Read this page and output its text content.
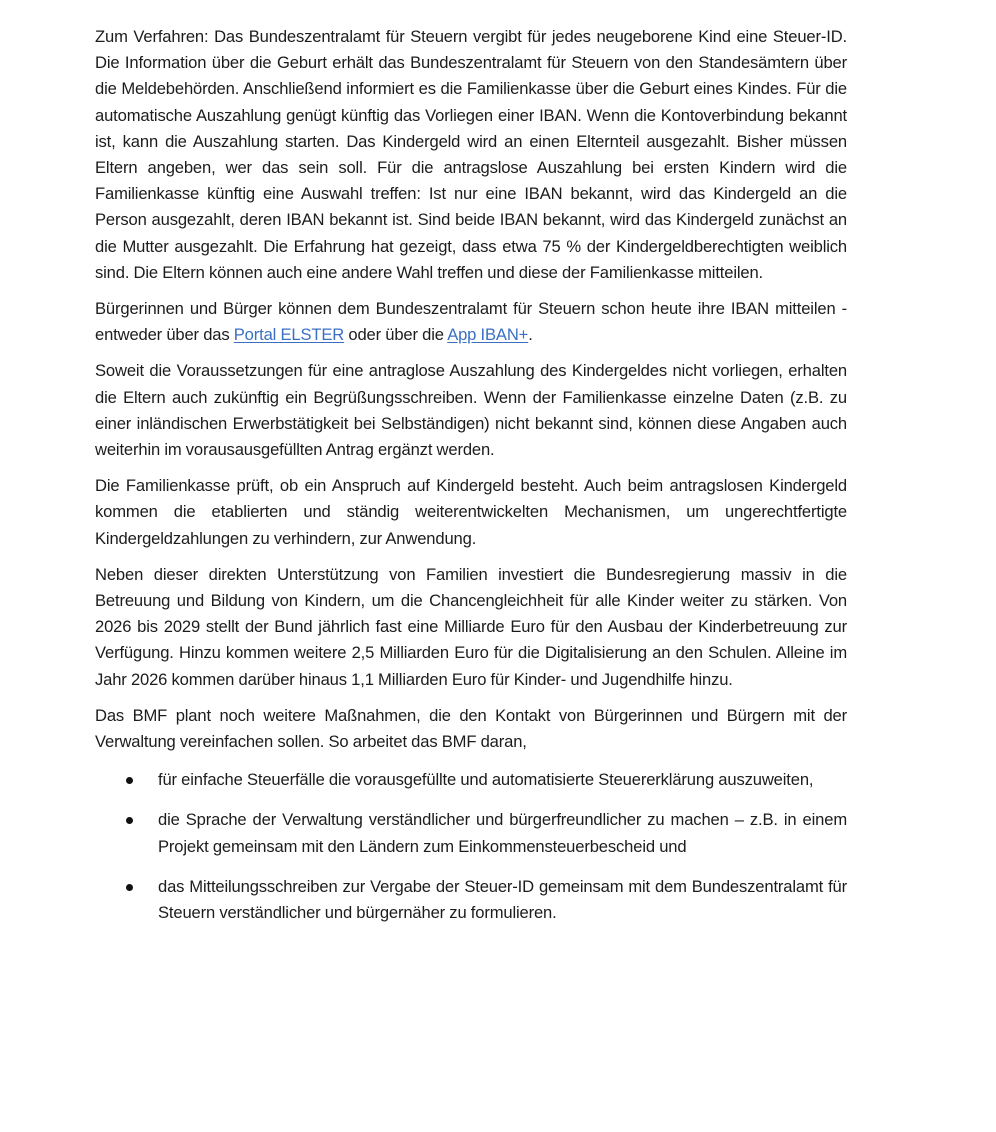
Zum Verfahren: Das Bundeszentralamt für Steuern vergibt für jedes neugeborene Kind eine Steuer-ID. Die Information über die Geburt erhält das Bundeszentralamt für Steuern von den Standesämtern über die Meldebehörden. Anschließend informiert es die Familienkasse über die Geburt eines Kindes. Für die automatische Auszahlung genügt künftig das Vorliegen einer IBAN. Wenn die Kontoverbindung bekannt ist, kann die Auszahlung starten. Das Kindergeld wird an einen Elternteil ausgezahlt. Bisher müssen Eltern angeben, wer das sein soll. Für die antragslose Auszahlung bei ersten Kindern wird die Familienkasse künftig eine Auswahl treffen: Ist nur eine IBAN bekannt, wird das Kindergeld an die Person ausgezahlt, deren IBAN bekannt ist. Sind beide IBAN bekannt, wird das Kindergeld zunächst an die Mutter ausgezahlt. Die Erfahrung hat gezeigt, dass etwa 75 % der Kindergeldberechtigten weiblich sind. Die Eltern können auch eine andere Wahl treffen und diese der Familienkasse mitteilen.

Bürgerinnen und Bürger können dem Bundeszentralamt für Steuern schon heute ihre IBAN mitteilen - entweder über das Portal ELSTER oder über die App IBAN+.

Soweit die Voraussetzungen für eine antraglose Auszahlung des Kindergeldes nicht vorliegen, erhalten die Eltern auch zukünftig ein Begrüßungsschreiben. Wenn der Familienkasse einzelne Daten (z.B. zu einer inländischen Erwerbstätigkeit bei Selbständigen) nicht bekannt sind, können diese Angaben auch weiterhin im vorausausgefüllten Antrag ergänzt werden.

Die Familienkasse prüft, ob ein Anspruch auf Kindergeld besteht. Auch beim antragslosen Kindergeld kommen die etablierten und ständig weiterentwickelten Mechanismen, um ungerechtfertigte Kindergeldzahlungen zu verhindern, zur Anwendung.

Neben dieser direkten Unterstützung von Familien investiert die Bundesregierung massiv in die Betreuung und Bildung von Kindern, um die Chancengleichheit für alle Kinder weiter zu stärken. Von 2026 bis 2029 stellt der Bund jährlich fast eine Milliarde Euro für den Ausbau der Kinderbetreuung zur Verfügung. Hinzu kommen weitere 2,5 Milliarden Euro für die Digitalisierung an den Schulen. Alleine im Jahr 2026 kommen darüber hinaus 1,1 Milliarden Euro für Kinder- und Jugendhilfe hinzu.

Das BMF plant noch weitere Maßnahmen, die den Kontakt von Bürgerinnen und Bürgern mit der Verwaltung vereinfachen sollen. So arbeitet das BMF daran,

für einfache Steuerfälle die vorausgefüllte und automatisierte Steuererklärung auszuweiten,
die Sprache der Verwaltung verständlicher und bürgerfreundlicher zu machen – z.B. in einem Projekt gemeinsam mit den Ländern zum Einkommensteuerbescheid und
das Mitteilungsschreiben zur Vergabe der Steuer-ID gemeinsam mit dem Bundeszentralamt für Steuern verständlicher und bürgernäher zu formulieren.
